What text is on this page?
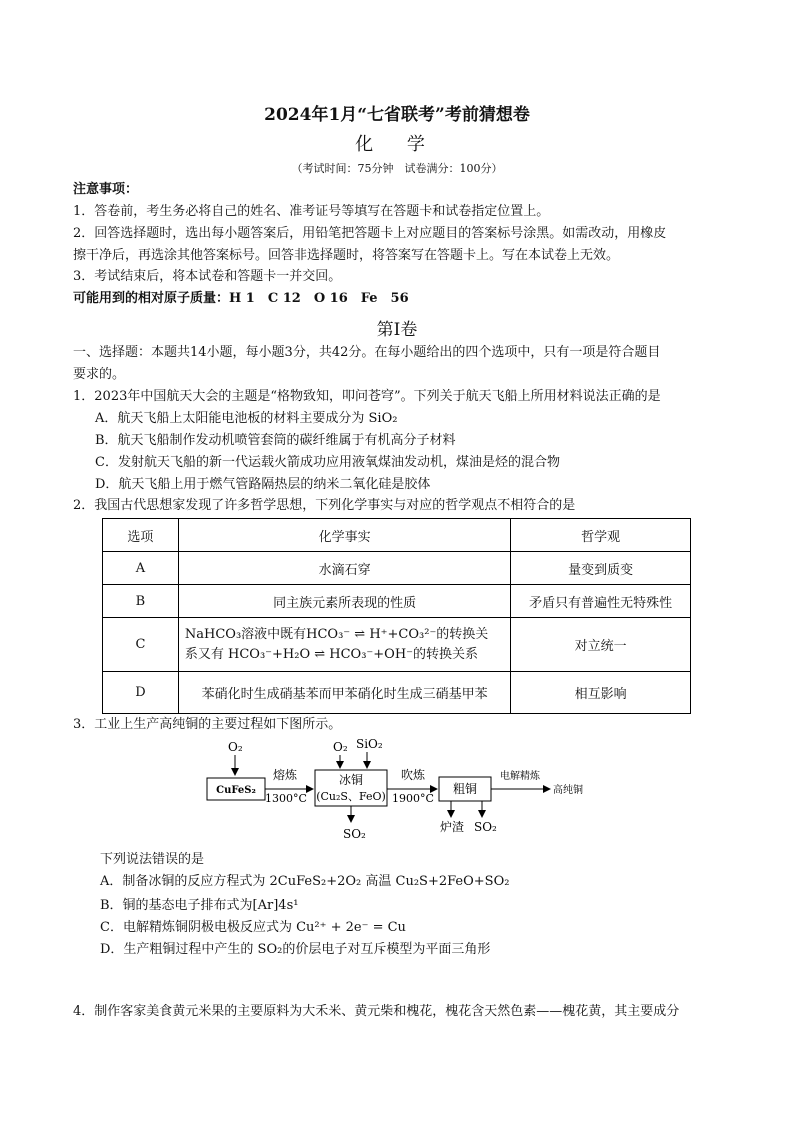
2024年1月“七省联考”考前猜想卷
化 学
（考试时间：75分钟　试卷满分：100分）
注意事项：
1．答卷前，考生务必将自己的姓名、准考证号等填写在答题卡和试卷指定位置上。
2．回答选择题时，选出每小题答案后，用铅笔把答题卡上对应题目的答案标号涂黑。如需改动，用橡皮
擦干净后，再选涂其他答案标号。回答非选择题时，将答案写在答题卡上。写在本试卷上无效。
3．考试结束后，将本试卷和答题卡一并交回。
可能用到的相对原子质量：H 1　C 12　O 16　Fe　56
第Ⅰ卷
一、选择题：本题共14小题，每小题3分，共42分。在每小题给出的四个选项中，只有一项是符合题目
要求的。
1．2023年中国航天大会的主题是“格物致知，叩问苍穹”。下列关于航天飞船上所用材料说法正确的是
A．航天飞船上太阳能电池板的材料主要成分为 SiO₂
B．航天飞船制作发动机喷管套筒的碳纤维属于有机高分子材料
C．发射航天飞船的新一代运载火箭成功应用液氧煤油发动机，煤油是烃的混合物
D．航天飞船上用于燃气管路隔热层的纳米二氧化硅是胶体
2．我国古代思想家发现了许多哲学思想，下列化学事实与对应的哲学观点不相符合的是
选项	化学事实	哲学观
A	水滴石穿	量变到质变
B	同主族元素所表现的性质	矛盾只有普遍性无特殊性
C	NaHCO₃溶液中既有HCO₃⁻ ⇌ H⁺+CO₃²⁻的转换关
系又有 HCO₃⁻+H₂O ⇌ HCO₃⁻+OH⁻的转换关系	对立统一
D	苯硝化时生成硝基苯而甲苯硝化时生成三硝基甲苯	相互影响
3．工业上生产高纯铜的主要过程如下图所示。
O₂
CuFeS₂
熔炼
1300°C
O₂ SiO₂
冰铜
(Cu₂S、FeO)
SO₂
吹炼
1900°C
粗铜
电解精炼
高纯铜
炉渣 SO₂
下列说法错误的是
A．制备冰铜的反应方程式为 2CuFeS₂+2O₂ 高温 Cu₂S+2FeO+SO₂
B．铜的基态电子排布式为[Ar]4s¹
C．电解精炼铜阴极电极反应式为 Cu²⁺ + 2e⁻ = Cu
D．生产粗铜过程中产生的 SO₂的价层电子对互斥模型为平面三角形
4．制作客家美食黄元米果的主要原料为大禾米、黄元柴和槐花，槐花含天然色素——槐花黄，其主要成分
